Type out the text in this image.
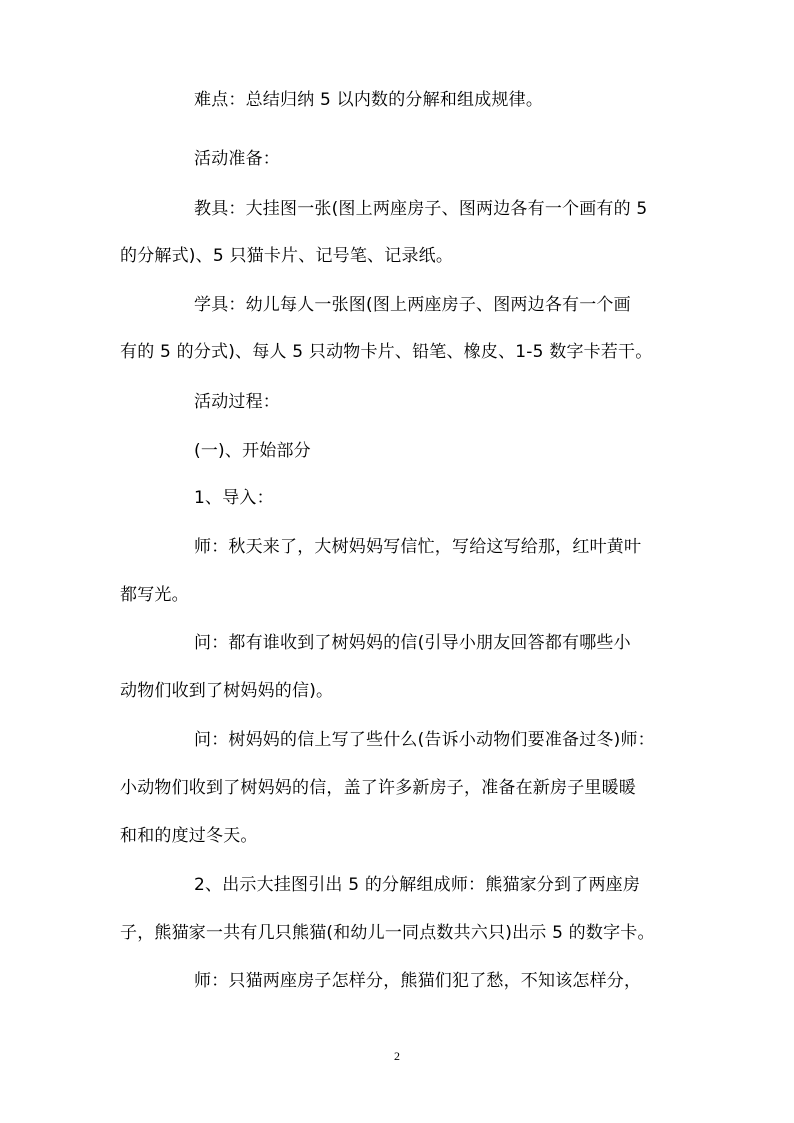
难点：总结归纳 5 以内数的分解和组成规律。
活动准备：
教具：大挂图一张(图上两座房子、图两边各有一个画有的 5
的分解式)、5 只猫卡片、记号笔、记录纸。
学具：幼儿每人一张图(图上两座房子、图两边各有一个画
有的 5 的分式)、每人 5 只动物卡片、铅笔、橡皮、1-5 数字卡若干。
活动过程：
(一)、开始部分
1、导入：
师：秋天来了，大树妈妈写信忙，写给这写给那，红叶黄叶
都写光。
问：都有谁收到了树妈妈的信(引导小朋友回答都有哪些小
动物们收到了树妈妈的信)。
问：树妈妈的信上写了些什么(告诉小动物们要准备过冬)师：
小动物们收到了树妈妈的信，盖了许多新房子，准备在新房子里暖暖
和和的度过冬天。
2、出示大挂图引出 5 的分解组成师：熊猫家分到了两座房
子，熊猫家一共有几只熊猫(和幼儿一同点数共六只)出示 5 的数字卡。
师：只猫两座房子怎样分，熊猫们犯了愁，不知该怎样分，
2
